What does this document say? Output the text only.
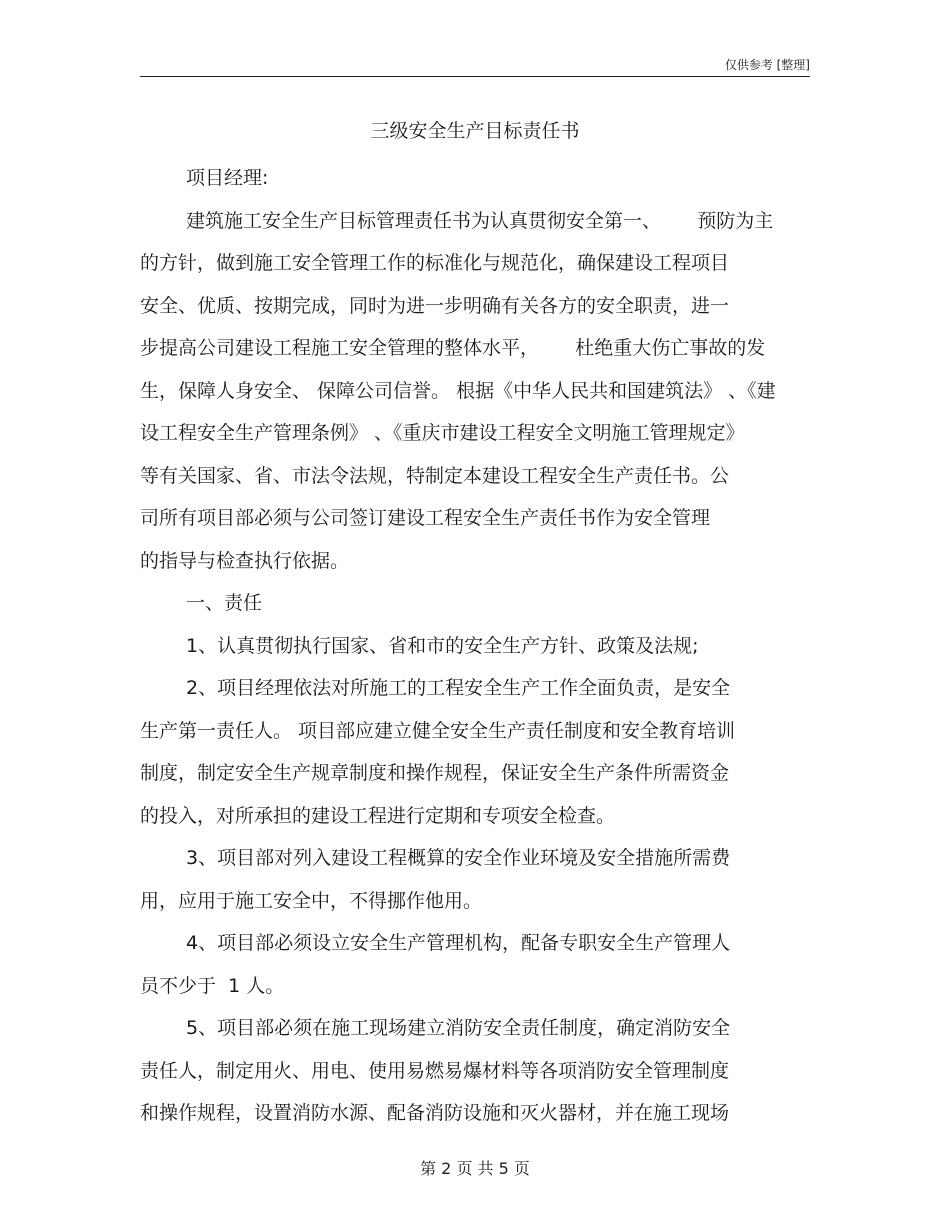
仅供参考 [整理]
三级安全生产目标责任书
项目经理:
建筑施工安全生产目标管理责任书为认真贯彻安全第一、      预防为主
的方针，做到施工安全管理工作的标准化与规范化，确保建设工程项目
安全、优质、按期完成，同时为进一步明确有关各方的安全职责，进一
步提高公司建设工程施工安全管理的整体水平，      杜绝重大伤亡事故的发
生，保障人身安全、 保障公司信誉。 根据《中华人民共和国建筑法》 、《建
设工程安全生产管理条例》 、《重庆市建设工程安全文明施工管理规定》
等有关国家、省、市法令法规，特制定本建设工程安全生产责任书。公
司所有项目部必须与公司签订建设工程安全生产责任书作为安全管理
的指导与检查执行依据。
一、责任
1、认真贯彻执行国家、省和市的安全生产方针、政策及法规;
2、项目经理依法对所施工的工程安全生产工作全面负责，是安全
生产第一责任人。 项目部应建立健全安全生产责任制度和安全教育培训
制度，制定安全生产规章制度和操作规程，保证安全生产条件所需资金
的投入，对所承担的建设工程进行定期和专项安全检查。
3、项目部对列入建设工程概算的安全作业环境及安全措施所需费
用，应用于施工安全中，不得挪作他用。
4、项目部必须设立安全生产管理机构，配备专职安全生产管理人
员不少于  1 人。
5、项目部必须在施工现场建立消防安全责任制度，确定消防安全
责任人，制定用火、用电、使用易燃易爆材料等各项消防安全管理制度
和操作规程，设置消防水源、配备消防设施和灭火器材，并在施工现场
第 2 页 共 5 页
